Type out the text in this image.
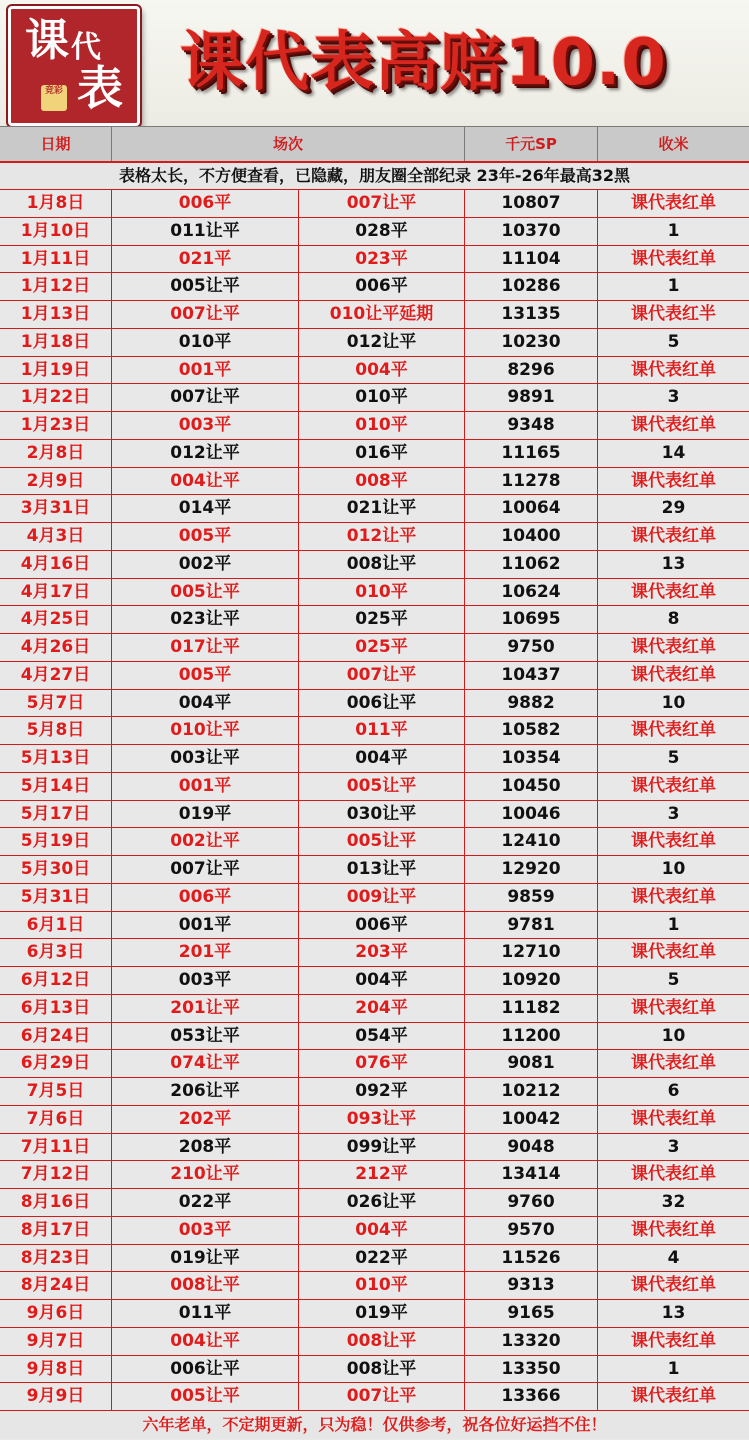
课 代
表
竞彩 课代表高赔10.0
日期	场次	千元SP	收米
表格太长，不方便查看，已隐藏，朋友圈全部纪录 23年-26年最高32黑
1月8日	006平	007让平	10807	课代表红单
1月10日	011让平	028平	10370	1
1月11日	021平	023平	11104	课代表红单
1月12日	005让平	006平	10286	1
1月13日	007让平	010让平延期	13135	课代表红半
1月18日	010平	012让平	10230	5
1月19日	001平	004平	8296	课代表红单
1月22日	007让平	010平	9891	3
1月23日	003平	010平	9348	课代表红单
2月8日	012让平	016平	11165	14
2月9日	004让平	008平	11278	课代表红单
3月31日	014平	021让平	10064	29
4月3日	005平	012让平	10400	课代表红单
4月16日	002平	008让平	11062	13
4月17日	005让平	010平	10624	课代表红单
4月25日	023让平	025平	10695	8
4月26日	017让平	025平	9750	课代表红单
4月27日	005平	007让平	10437	课代表红单
5月7日	004平	006让平	9882	10
5月8日	010让平	011平	10582	课代表红单
5月13日	003让平	004平	10354	5
5月14日	001平	005让平	10450	课代表红单
5月17日	019平	030让平	10046	3
5月19日	002让平	005让平	12410	课代表红单
5月30日	007让平	013让平	12920	10
5月31日	006平	009让平	9859	课代表红单
6月1日	001平	006平	9781	1
6月3日	201平	203平	12710	课代表红单
6月12日	003平	004平	10920	5
6月13日	201让平	204平	11182	课代表红单
6月24日	053让平	054平	11200	10
6月29日	074让平	076平	9081	课代表红单
7月5日	206让平	092平	10212	6
7月6日	202平	093让平	10042	课代表红单
7月11日	208平	099让平	9048	3
7月12日	210让平	212平	13414	课代表红单
8月16日	022平	026让平	9760	32
8月17日	003平	004平	9570	课代表红单
8月23日	019让平	022平	11526	4
8月24日	008让平	010平	9313	课代表红单
9月6日	011平	019平	9165	13
9月7日	004让平	008让平	13320	课代表红单
9月8日	006让平	008让平	13350	1
9月9日	005让平	007让平	13366	课代表红单
六年老单，不定期更新，只为稳！仅供参考，祝各位好运挡不住！
